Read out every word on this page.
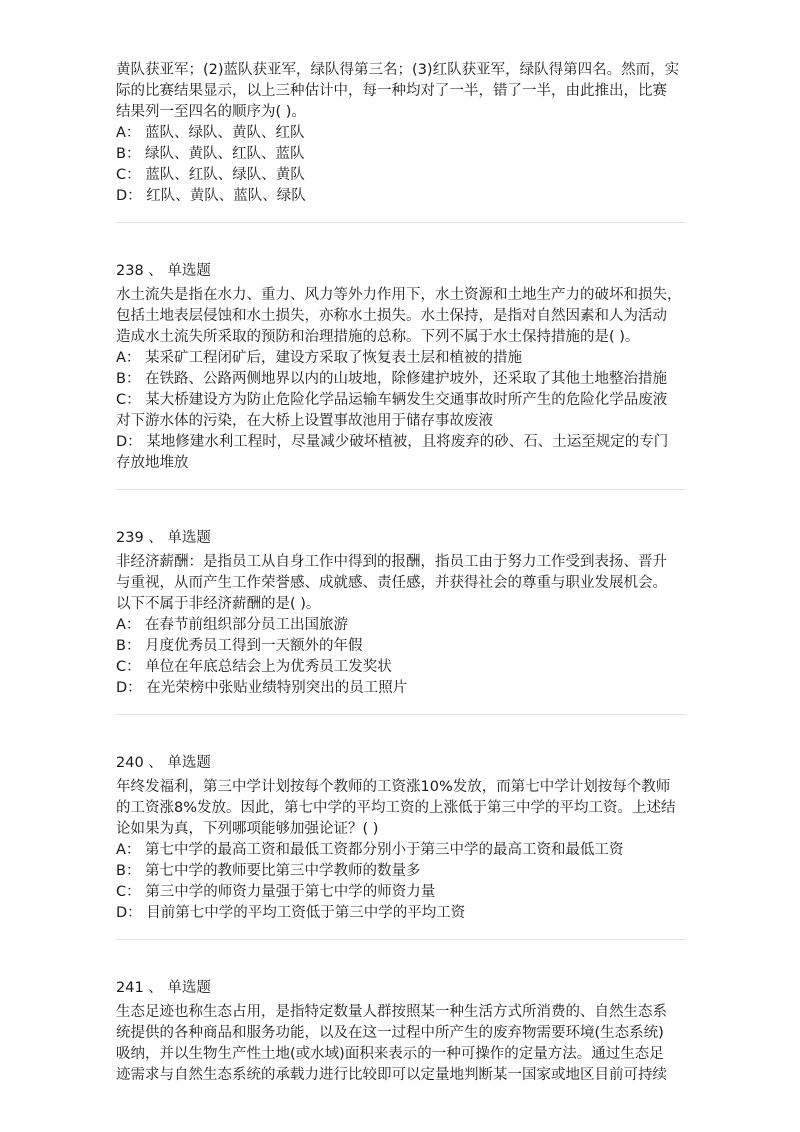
黄队获亚军；(2)蓝队获亚军，绿队得第三名；(3)红队获亚军，绿队得第四名。然而，实
际的比赛结果显示，以上三种估计中，每一种均对了一半，错了一半，由此推出，比赛
结果列一至四名的顺序为( )。
A： 蓝队、绿队、黄队、红队
B： 绿队、黄队、红队、蓝队
C： 蓝队、红队、绿队、黄队
D： 红队、黄队、蓝队、绿队
238 、 单选题
水土流失是指在水力、重力、风力等外力作用下，水土资源和土地生产力的破坏和损失，
包括土地表层侵蚀和水土损失，亦称水土损失。水土保持，是指对自然因素和人为活动
造成水土流失所采取的预防和治理措施的总称。下列不属于水土保持措施的是( )。
A： 某采矿工程闭矿后，建设方采取了恢复表土层和植被的措施
B： 在铁路、公路两侧地界以内的山坡地，除修建护坡外，还采取了其他土地整治措施
C： 某大桥建设方为防止危险化学品运输车辆发生交通事故时所产生的危险化学品废液
对下游水体的污染，在大桥上设置事故池用于储存事故废液
D： 某地修建水利工程时，尽量减少破坏植被，且将废弃的砂、石、土运至规定的专门
存放地堆放
239 、 单选题
非经济薪酬：是指员工从自身工作中得到的报酬，指员工由于努力工作受到表扬、晋升
与重视，从而产生工作荣誉感、成就感、责任感，并获得社会的尊重与职业发展机会。
以下不属于非经济薪酬的是( )。
A： 在春节前组织部分员工出国旅游
B： 月度优秀员工得到一天额外的年假
C： 单位在年底总结会上为优秀员工发奖状
D： 在光荣榜中张贴业绩特别突出的员工照片
240 、 单选题
年终发福利，第三中学计划按每个教师的工资涨10%发放，而第七中学计划按每个教师
的工资涨8%发放。因此，第七中学的平均工资的上涨低于第三中学的平均工资。上述结
论如果为真，下列哪项能够加强论证？( )
A： 第七中学的最高工资和最低工资都分别小于第三中学的最高工资和最低工资
B： 第七中学的教师要比第三中学教师的数量多
C： 第三中学的师资力量强于第七中学的师资力量
D： 目前第七中学的平均工资低于第三中学的平均工资
241 、 单选题
生态足迹也称生态占用，是指特定数量人群按照某一种生活方式所消费的、自然生态系
统提供的各种商品和服务功能，以及在这一过程中所产生的废弃物需要环境(生态系统)
吸纳，并以生物生产性土地(或水域)面积来表示的一种可操作的定量方法。通过生态足
迹需求与自然生态系统的承载力进行比较即可以定量地判断某一国家或地区目前可持续
